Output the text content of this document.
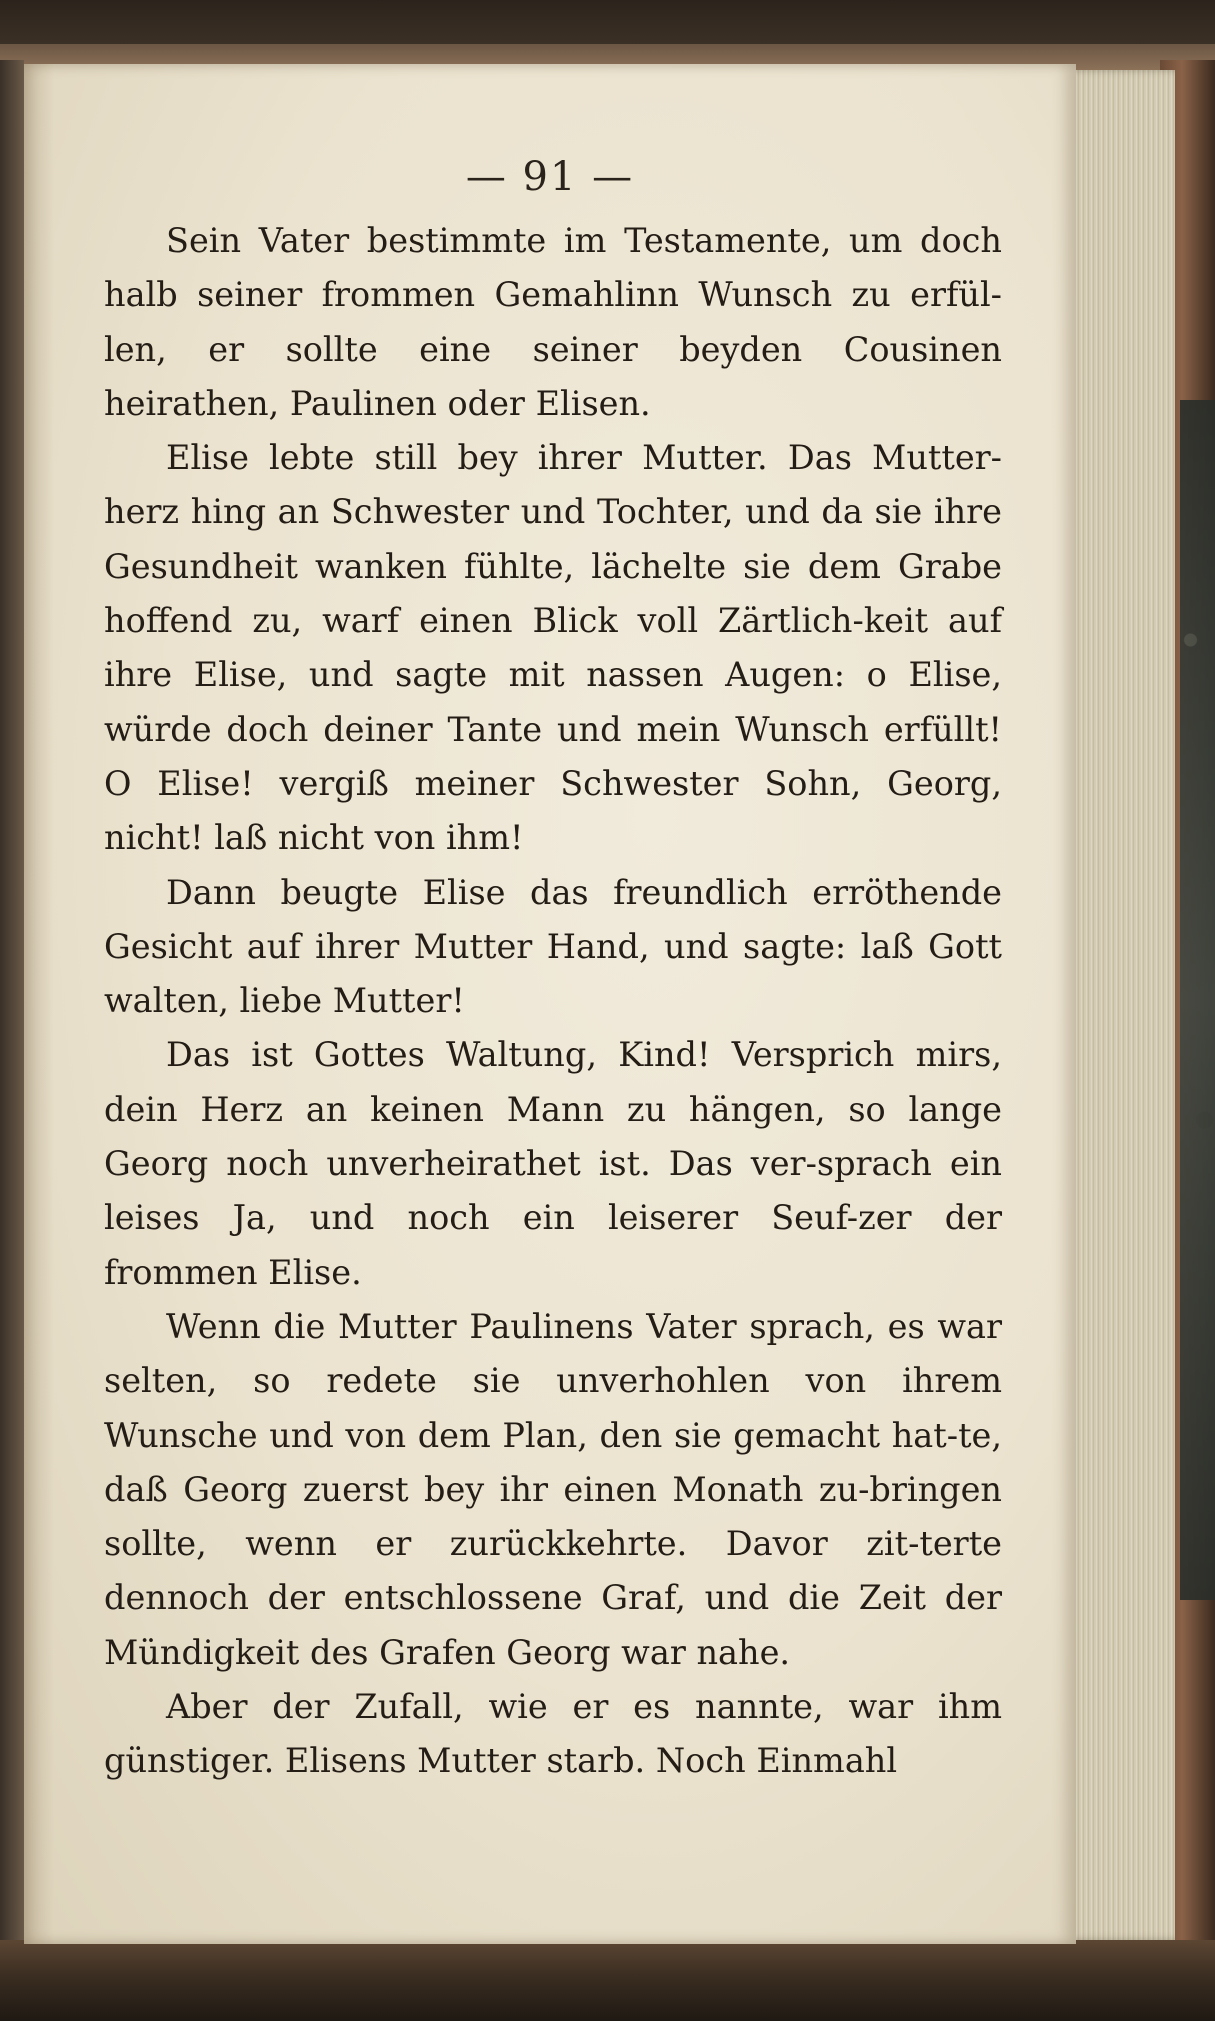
— 91 —

Sein Vater bestimmte im Testamente, um doch halb seiner frommen Gemahlinn Wunsch zu erfül-len, er sollte eine seiner beyden Cousinen heirathen, Paulinen oder Elisen.

Elise lebte still bey ihrer Mutter. Das Mutter-herz hing an Schwester und Tochter, und da sie ihre Gesundheit wanken fühlte, lächelte sie dem Grabe hoffend zu, warf einen Blick voll Zärtlich-keit auf ihre Elise, und sagte mit nassen Augen: o Elise, würde doch deiner Tante und mein Wunsch erfüllt! O Elise! vergiß meiner Schwester Sohn, Georg, nicht! laß nicht von ihm!

Dann beugte Elise das freundlich erröthende Gesicht auf ihrer Mutter Hand, und sagte: laß Gott walten, liebe Mutter!

Das ist Gottes Waltung, Kind! Versprich mirs, dein Herz an keinen Mann zu hängen, so lange Georg noch unverheirathet ist. Das ver-sprach ein leises Ja, und noch ein leiserer Seuf-zer der frommen Elise.

Wenn die Mutter Paulinens Vater sprach, es war selten, so redete sie unverhohlen von ihrem Wunsche und von dem Plan, den sie gemacht hat-te, daß Georg zuerst bey ihr einen Monath zu-bringen sollte, wenn er zurückkehrte. Davor zit-terte dennoch der entschlossene Graf, und die Zeit der Mündigkeit des Grafen Georg war nahe.

Aber der Zufall, wie er es nannte, war ihm günstiger. Elisens Mutter starb. Noch Einmahl
